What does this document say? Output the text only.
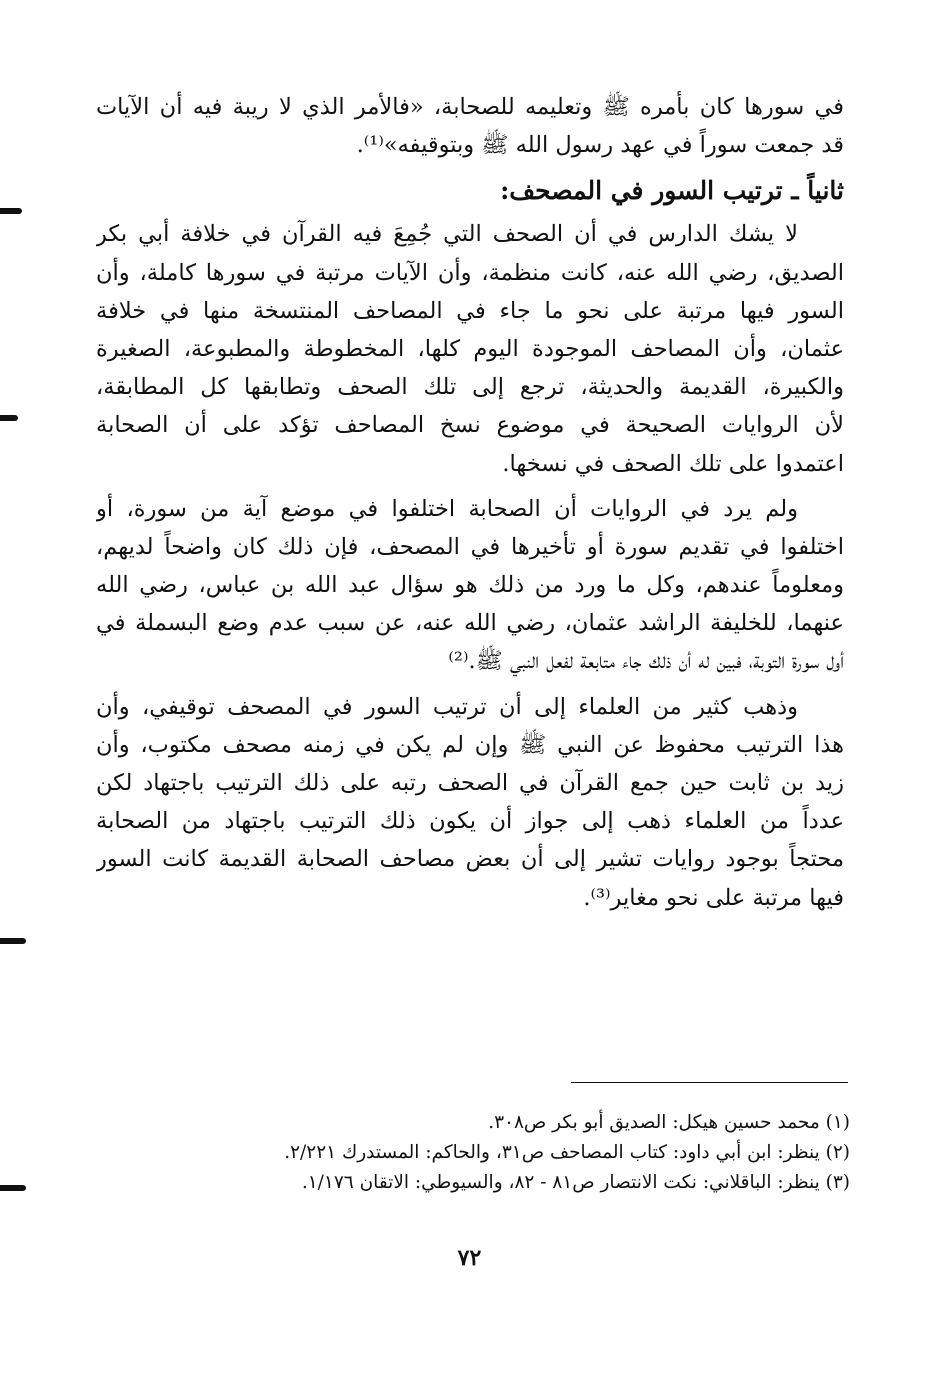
في سورها كان بأمره ﷺ وتعليمه للصحابة، «فالأمر الذي لا ريبة فيه أن الآيات
قد جمعت سوراً في عهد رسول الله ﷺ وبتوقيفه»⁽¹⁾.
ثانياً ـ ترتيب السور في المصحف:
لا يشك الدارس في أن الصحف التي جُمِعَ فيه القرآن في خلافة أبي بكر
الصديق، رضي الله عنه، كانت منظمة، وأن الآيات مرتبة في سورها كاملة، وأن
السور فيها مرتبة على نحو ما جاء في المصاحف المنتسخة منها في خلافة
عثمان، وأن المصاحف الموجودة اليوم كلها، المخطوطة والمطبوعة، الصغيرة
والكبيرة، القديمة والحديثة، ترجع إلى تلك الصحف وتطابقها كل المطابقة،
لأن الروايات الصحيحة في موضوع نسخ المصاحف تؤكد على أن الصحابة
اعتمدوا على تلك الصحف في نسخها.
ولم يرد في الروايات أن الصحابة اختلفوا في موضع آية من سورة، أو
اختلفوا في تقديم سورة أو تأخيرها في المصحف، فإن ذلك كان واضحاً لديهم،
ومعلوماً عندهم، وكل ما ورد من ذلك هو سؤال عبد الله بن عباس، رضي الله
عنهما، للخليفة الراشد عثمان، رضي الله عنه، عن سبب عدم وضع البسملة في
أول سورة التوبة، فبين له أن ذلك جاء متابعة لفعل النبي ﷺ.⁽²⁾
وذهب كثير من العلماء إلى أن ترتيب السور في المصحف توقيفي، وأن
هذا الترتيب محفوظ عن النبي ﷺ وإن لم يكن في زمنه مصحف مكتوب، وأن
زيد بن ثابت حين جمع القرآن في الصحف رتبه على ذلك الترتيب باجتهاد لكن
عدداً من العلماء ذهب إلى جواز أن يكون ذلك الترتيب باجتهاد من الصحابة
محتجاً بوجود روايات تشير إلى أن بعض مصاحف الصحابة القديمة كانت السور
فيها مرتبة على نحو مغاير⁽³⁾.
(١) محمد حسين هيكل: الصديق أبو بكر ص٣٠٨.
(٢) ينظر: ابن أبي داود: كتاب المصاحف ص٣١، والحاكم: المستدرك ٢/٢٢١.
(٣) ينظر: الباقلاني: نكت الانتصار ص٨١ - ٨٢، والسيوطي: الاتقان ١/١٧٦.
٧٢
